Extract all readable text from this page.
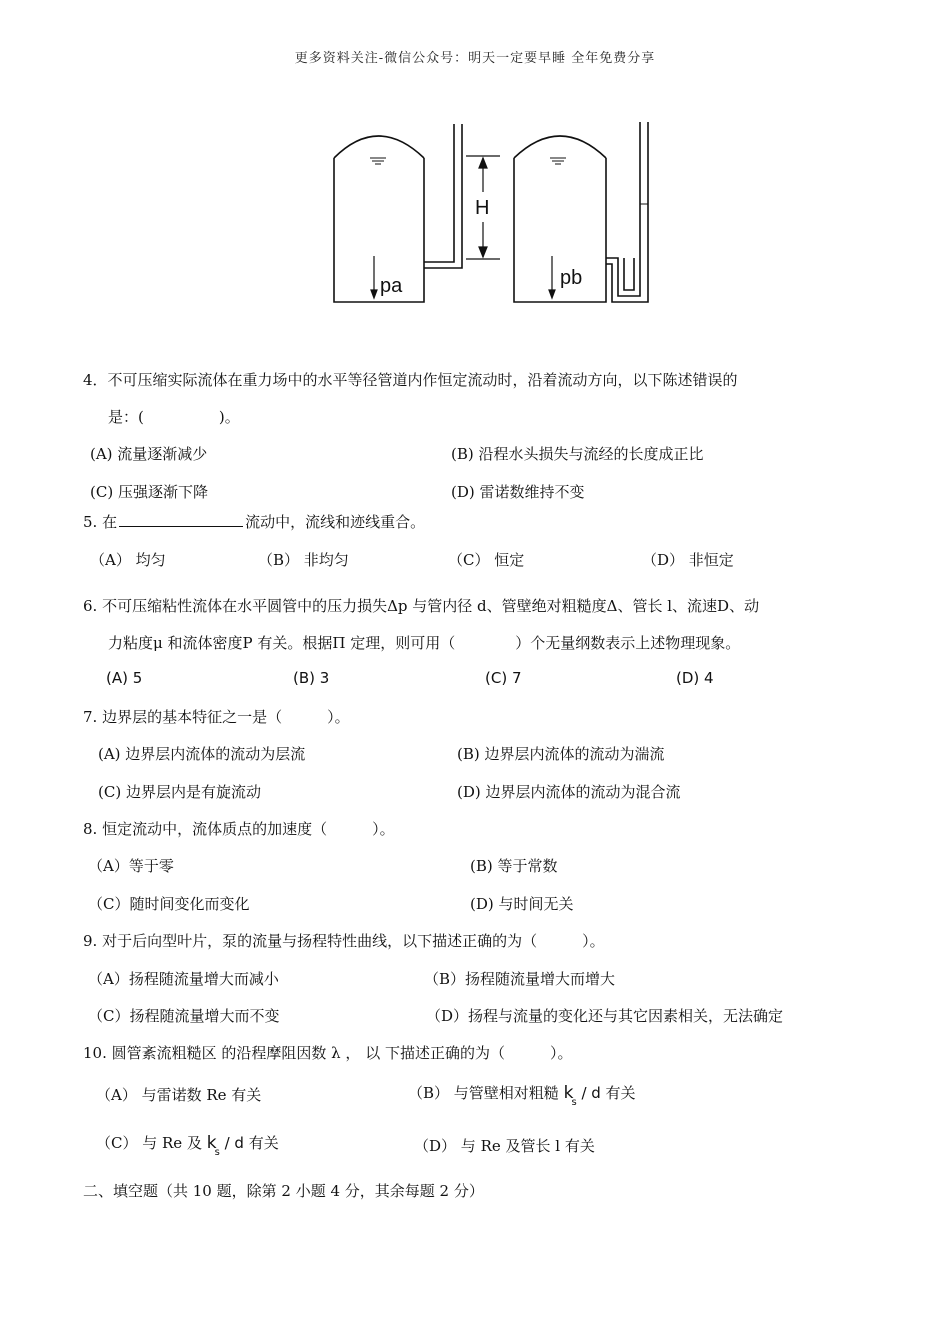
更多资料关注-微信公众号：明天一定要早睡 全年免费分享
H
pa	pb
4．不可压缩实际流体在重力场中的水平等径管道内作恒定流动时，沿着流动方向，以下陈述错误的
是：(　　　　　)。
(A) 流量逐渐减少	(B) 沿程水头损失与流经的长度成正比
(C) 压强逐渐下降	(D) 雷诺数维持不变
5. 在	流动中，流线和迹线重合。
（A） 均匀	（B） 非均匀	（C） 恒定	（D） 非恒定
6. 不可压缩粘性流体在水平圆管中的压力损失Δp 与管内径 d、管壁绝对粗糙度Δ、管长 l、流速D、动
力粘度μ 和流体密度P 有关。根据Π 定理，则可用（　　　　）个无量纲数表示上述物理现象。
(A) 5	(B) 3	(C) 7	(D) 4
7. 边界层的基本特征之一是（　　　）。
(A) 边界层内流体的流动为层流	(B) 边界层内流体的流动为湍流
(C) 边界层内是有旋流动	(D) 边界层内流体的流动为混合流
8. 恒定流动中，流体质点的加速度（　　　）。
（A）等于零	(B) 等于常数
（C）随时间变化而变化	(D) 与时间无关
9. 对于后向型叶片，泵的流量与扬程特性曲线，以下描述正确的为（　　　）。
（A）扬程随流量增大而减小	（B）扬程随流量增大而增大
（C）扬程随流量增大而不变	（D）扬程与流量的变化还与其它因素相关，无法确定
10. 圆管紊流粗糙区 的沿程摩阻因数 λ ， 以 下描述正确的为（　　　）。
（A） 与雷诺数 Re 有关	（B） 与管壁相对粗糙 $k_s$ / d 有关
（C） 与 Re 及 $k_s$ / d 有关	（D） 与 Re 及管长 l 有关
二、填空题（共 10 题，除第 2 小题 4 分，其余每题 2 分）
